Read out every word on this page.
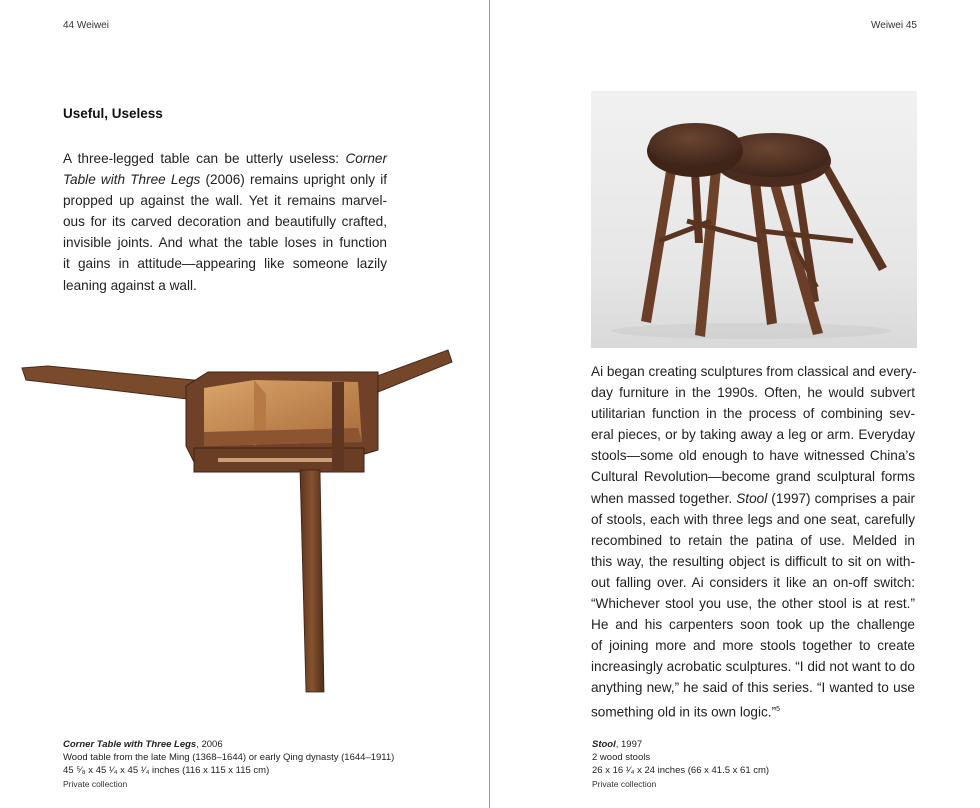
44 Weiwei
Useful, Useless
A three-legged table can be utterly useless: Corner
Table with Three Legs (2006) remains upright only if
propped up against the wall. Yet it remains marvel-
ous for its carved decoration and beautifully crafted,
invisible joints. And what the table loses in function
it gains in attitude—appearing like someone lazily
leaning against a wall.
Corner Table with Three Legs, 2006
Wood table from the late Ming (1368–1644) or early Qing dynasty (1644–1911)
45 ⁵⁄₈ x 45 ¹⁄₄ x 45 ¹⁄₄ inches (116 x 115 x 115 cm)
Private collection
Weiwei 45
Ai began creating sculptures from classical and every-
day furniture in the 1990s. Often, he would subvert
utilitarian function in the process of combining sev-
eral pieces, or by taking away a leg or arm. Everyday
stools—some old enough to have witnessed China’s
Cultural Revolution—become grand sculptural forms
when massed together. Stool (1997) comprises a pair
of stools, each with three legs and one seat, carefully
recombined to retain the patina of use. Melded in
this way, the resulting object is difficult to sit on with-
out falling over. Ai considers it like an on-off switch:
“Whichever stool you use, the other stool is at rest.”
He and his carpenters soon took up the challenge
of joining more and more stools together to create
increasingly acrobatic sculptures. “I did not want to do
anything new,” he said of this series. “I wanted to use
something old in its own logic.”$^5$
Stool, 1997
2 wood stools
26 x 16 ¹⁄₄ x 24 inches (66 x 41.5 x 61 cm)
Private collection
